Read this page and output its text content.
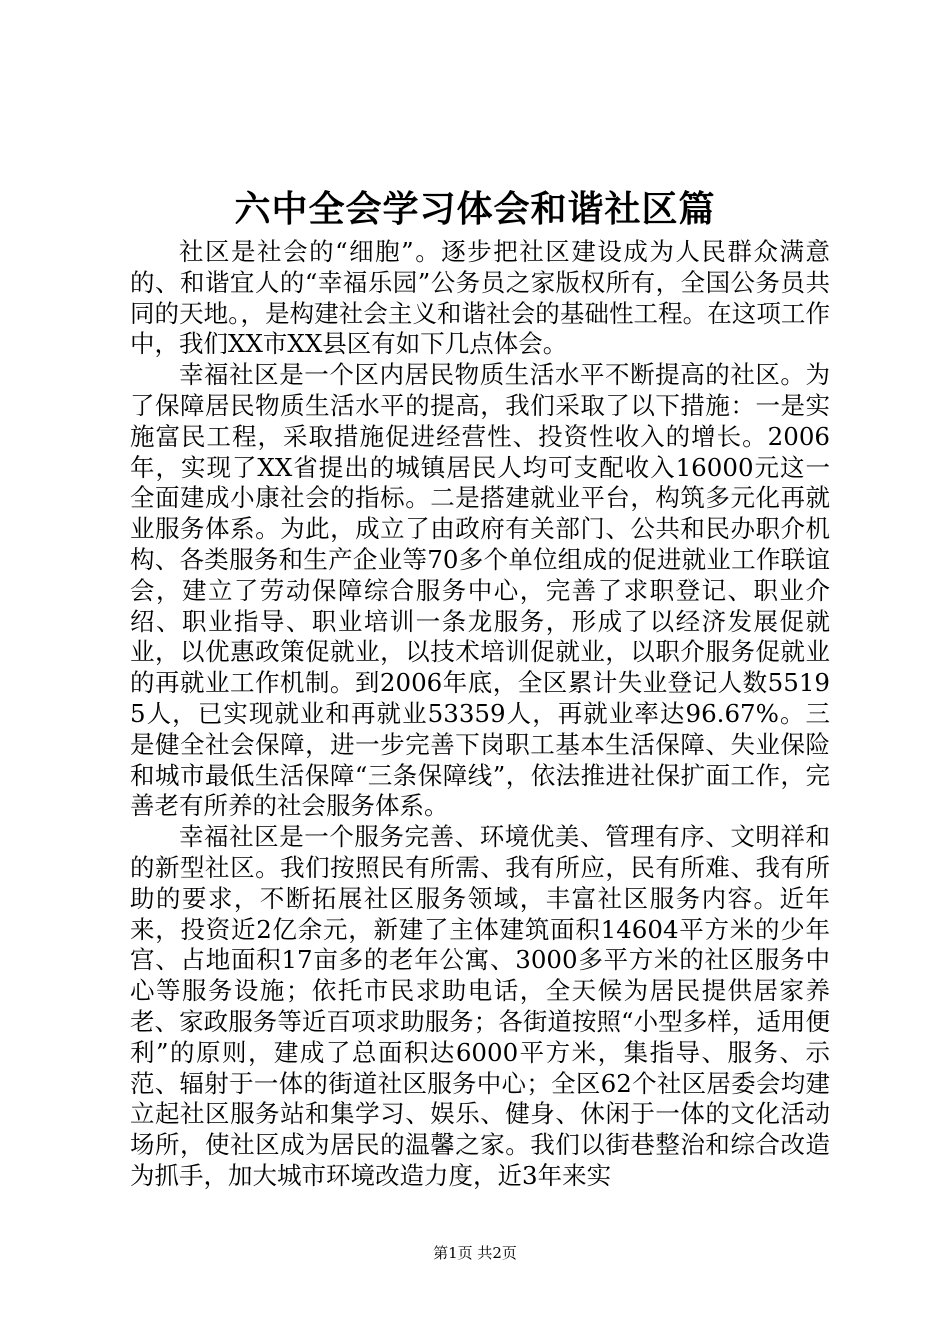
六中全会学习体会和谐社区篇

社区是社会的“细胞”。逐步把社区建设成为人民群众满意的、和谐宜人的“幸福乐园”公务员之家版权所有，全国公务员共同的天地。，是构建社会主义和谐社会的基础性工程。在这项工作中，我们XX市XX县区有如下几点体会。

幸福社区是一个区内居民物质生活水平不断提高的社区。为了保障居民物质生活水平的提高，我们采取了以下措施：一是实施富民工程，采取措施促进经营性、投资性收入的增长。2006年，实现了XX省提出的城镇居民人均可支配收入16000元这一全面建成小康社会的指标。二是搭建就业平台，构筑多元化再就业服务体系。为此，成立了由政府有关部门、公共和民办职介机构、各类服务和生产企业等70多个单位组成的促进就业工作联谊会，建立了劳动保障综合服务中心，完善了求职登记、职业介绍、职业指导、职业培训一条龙服务，形成了以经济发展促就业，以优惠政策促就业，以技术培训促就业，以职介服务促就业的再就业工作机制。到2006年底，全区累计失业登记人数55195人，已实现就业和再就业53359人，再就业率达96.67%。三是健全社会保障，进一步完善下岗职工基本生活保障、失业保险和城市最低生活保障“三条保障线”，依法推进社保扩面工作，完善老有所养的社会服务体系。

幸福社区是一个服务完善、环境优美、管理有序、文明祥和的新型社区。我们按照民有所需、我有所应，民有所难、我有所助的要求，不断拓展社区服务领域，丰富社区服务内容。近年来，投资近2亿余元，新建了主体建筑面积14604平方米的少年宫、占地面积17亩多的老年公寓、3000多平方米的社区服务中心等服务设施；依托市民求助电话，全天候为居民提供居家养老、家政服务等近百项求助服务；各街道按照“小型多样，适用便利”的原则，建成了总面积达6000平方米，集指导、服务、示范、辐射于一体的街道社区服务中心；全区62个社区居委会均建立起社区服务站和集学习、娱乐、健身、休闲于一体的文化活动场所，使社区成为居民的温馨之家。我们以街巷整治和综合改造为抓手，加大城市环境改造力度，近3年来实

第1页 共2页
